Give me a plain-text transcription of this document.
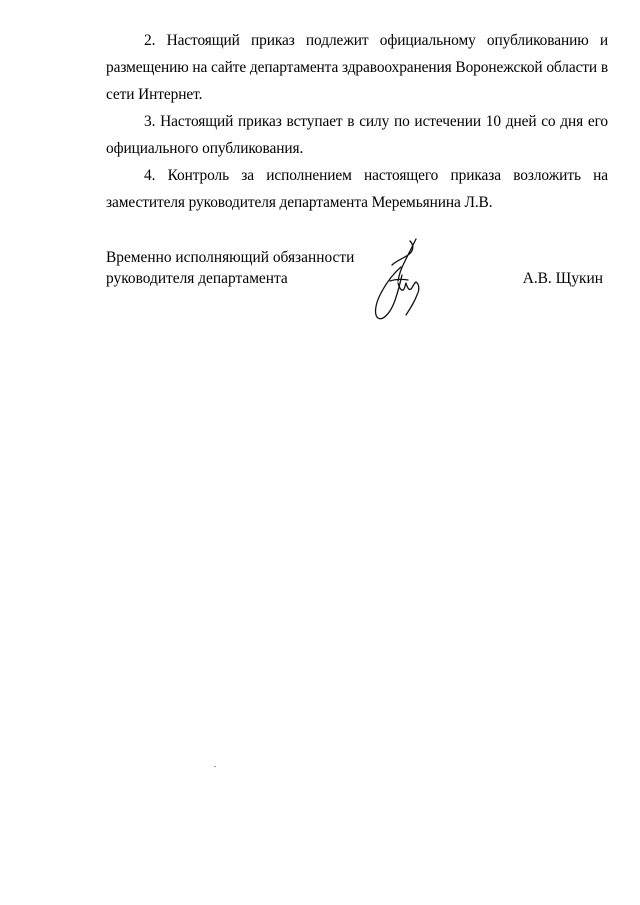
2. Настоящий приказ подлежит официальному опубликованию и размещению на сайте департамента здравоохранения Воронежской области в сети Интернет.

3. Настоящий приказ вступает в силу по истечении 10 дней со дня его официального опубликования.

4. Контроль за исполнением настоящего приказа возложить на заместителя руководителя департамента Меремьянина Л.В.

Временно исполняющий обязанности
руководителя департамента	А.В. Щукин
